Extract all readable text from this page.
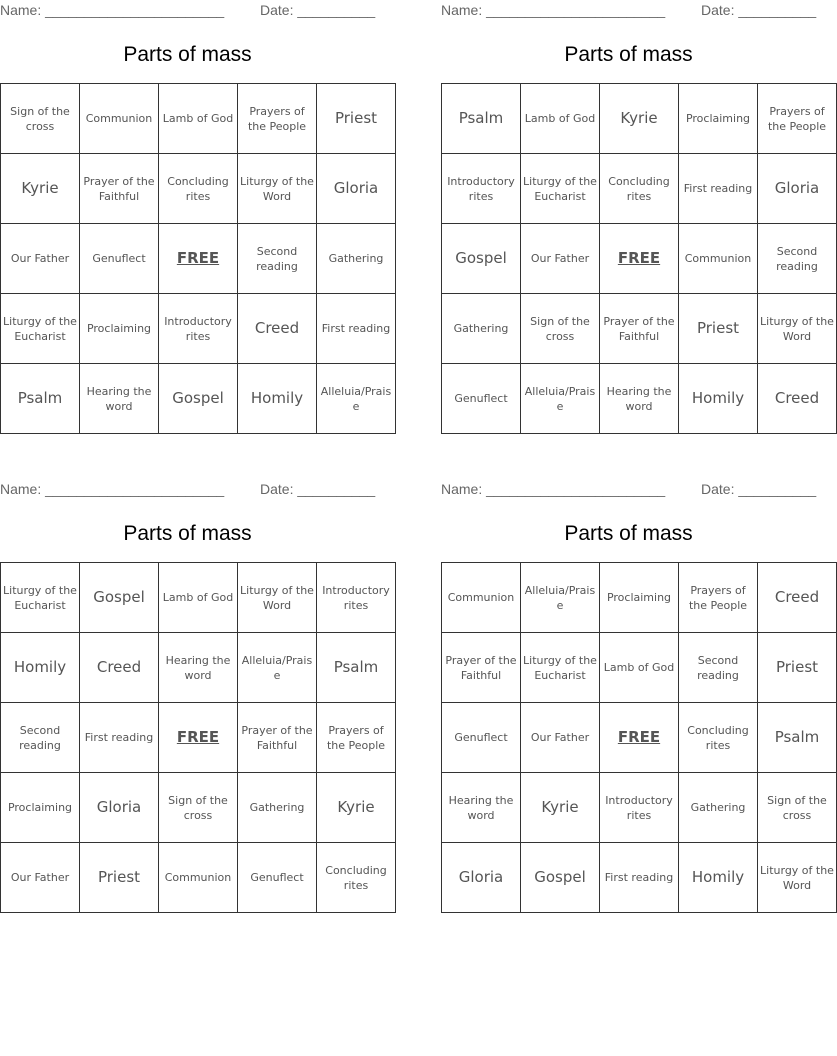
Name: _______________________	Date: __________
Parts of mass
Sign of the cross	Communion	Lamb of God	Prayers of the People	Priest
Kyrie	Prayer of the Faithful	Concluding rites	Liturgy of the Word	Gloria
Our Father	Genuflect	FREE	Second reading	Gathering
Liturgy of the Eucharist	Proclaiming	Introductory rites	Creed	First reading
Psalm	Hearing the word	Gospel	Homily	Alleluia/Praise
Name: _______________________	Date: __________
Parts of mass
Psalm	Lamb of God	Kyrie	Proclaiming	Prayers of the People
Introductory rites	Liturgy of the Eucharist	Concluding rites	First reading	Gloria
Gospel	Our Father	FREE	Communion	Second reading
Gathering	Sign of the cross	Prayer of the Faithful	Priest	Liturgy of the Word
Genuflect	Alleluia/Praise	Hearing the word	Homily	Creed
Name: _______________________	Date: __________
Parts of mass
Liturgy of the Eucharist	Gospel	Lamb of God	Liturgy of the Word	Introductory rites
Homily	Creed	Hearing the word	Alleluia/Praise	Psalm
Second reading	First reading	FREE	Prayer of the Faithful	Prayers of the People
Proclaiming	Gloria	Sign of the cross	Gathering	Kyrie
Our Father	Priest	Communion	Genuflect	Concluding rites
Name: _______________________	Date: __________
Parts of mass
Communion	Alleluia/Praise	Proclaiming	Prayers of the People	Creed
Prayer of the Faithful	Liturgy of the Eucharist	Lamb of God	Second reading	Priest
Genuflect	Our Father	FREE	Concluding rites	Psalm
Hearing the word	Kyrie	Introductory rites	Gathering	Sign of the cross
Gloria	Gospel	First reading	Homily	Liturgy of the Word
